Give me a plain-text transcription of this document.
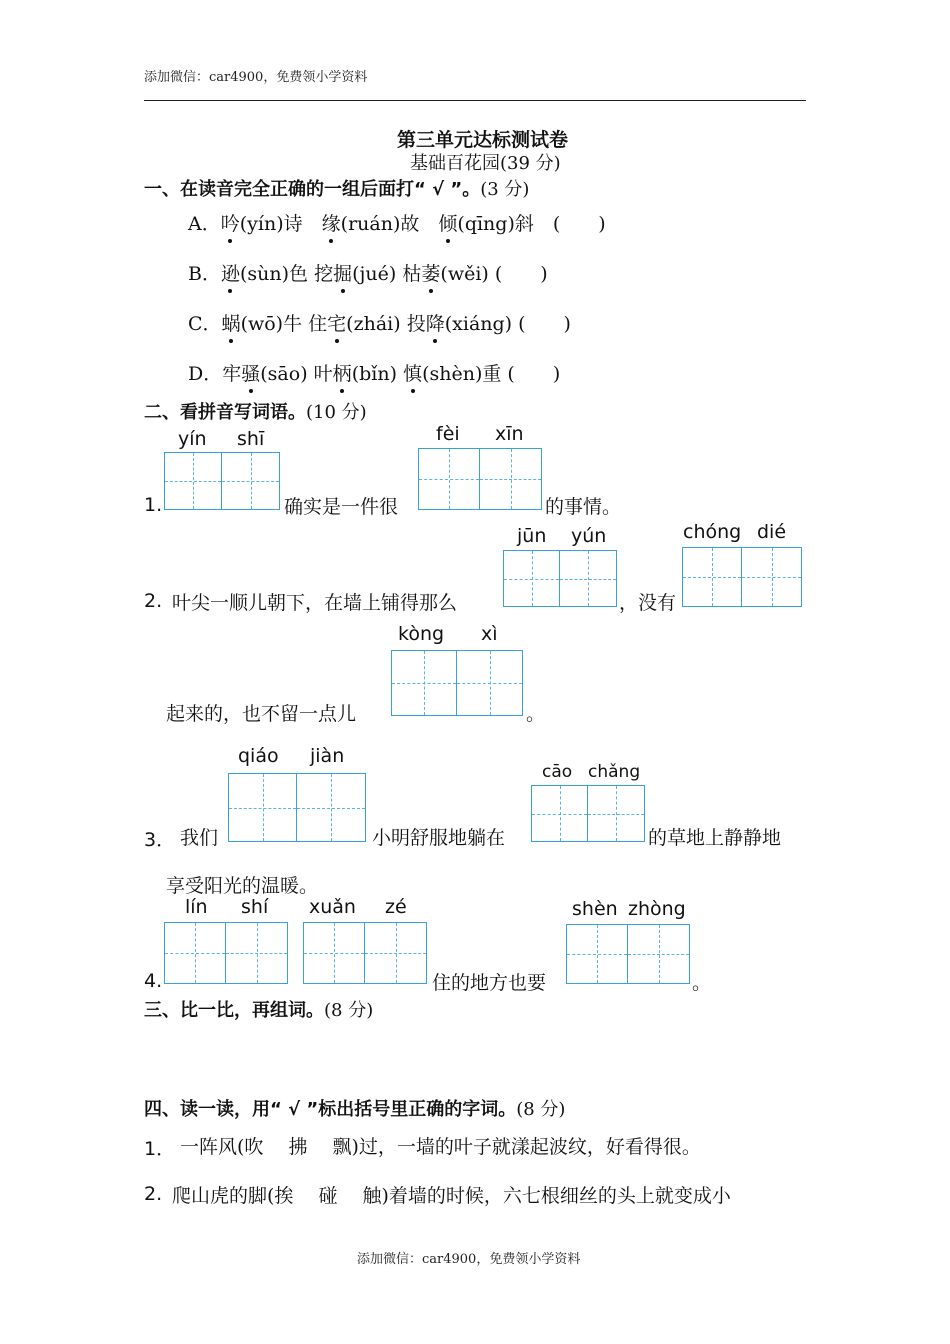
添加微信：car4900，免费领小学资料
第三单元达标测试卷
基础百花园(39 分)
一、在读音完全正确的一组后面打“ √ ”。(3 分)
A．吟(yín)诗　 缘(ruán)故　 倾(qīng)斜　 (　　)
B．逊(sùn)色 挖掘(jué) 枯萎(wěi) (　　)
C．蜗(wō)牛 住宅(zhái) 投降(xiáng) (　　)
D．牢骚(sāo) 叶柄(bǐn) 慎(shèn)重 (　　)
二、看拼音写词语。(10 分)
yín shī	fèi xīn
1.	确实是一件很	的事情。
jūn yún	chóng dié
2. 叶尖一顺儿朝下，在墙上铺得那么	，没有
kòng xì
起来的，也不留一点儿	。
qiáo jiàn
cāo chǎng
3． 我们	小明舒服地躺在	的草地上静静地
享受阳光的温暖。
lín shí xuǎn zé	shèn zhòng
4.	住的地方也要	。
三、比一比，再组词。(8 分)
四、读一读，用“ √ ”标出括号里正确的字词。(8 分)
1． 一阵风(吹　 拂　 飘)过，一墙的叶子就漾起波纹，好看得很。
2. 爬山虎的脚(挨　 碰　 触)着墙的时候，六七根细丝的头上就变成小
添加微信：car4900，免费领小学资料
